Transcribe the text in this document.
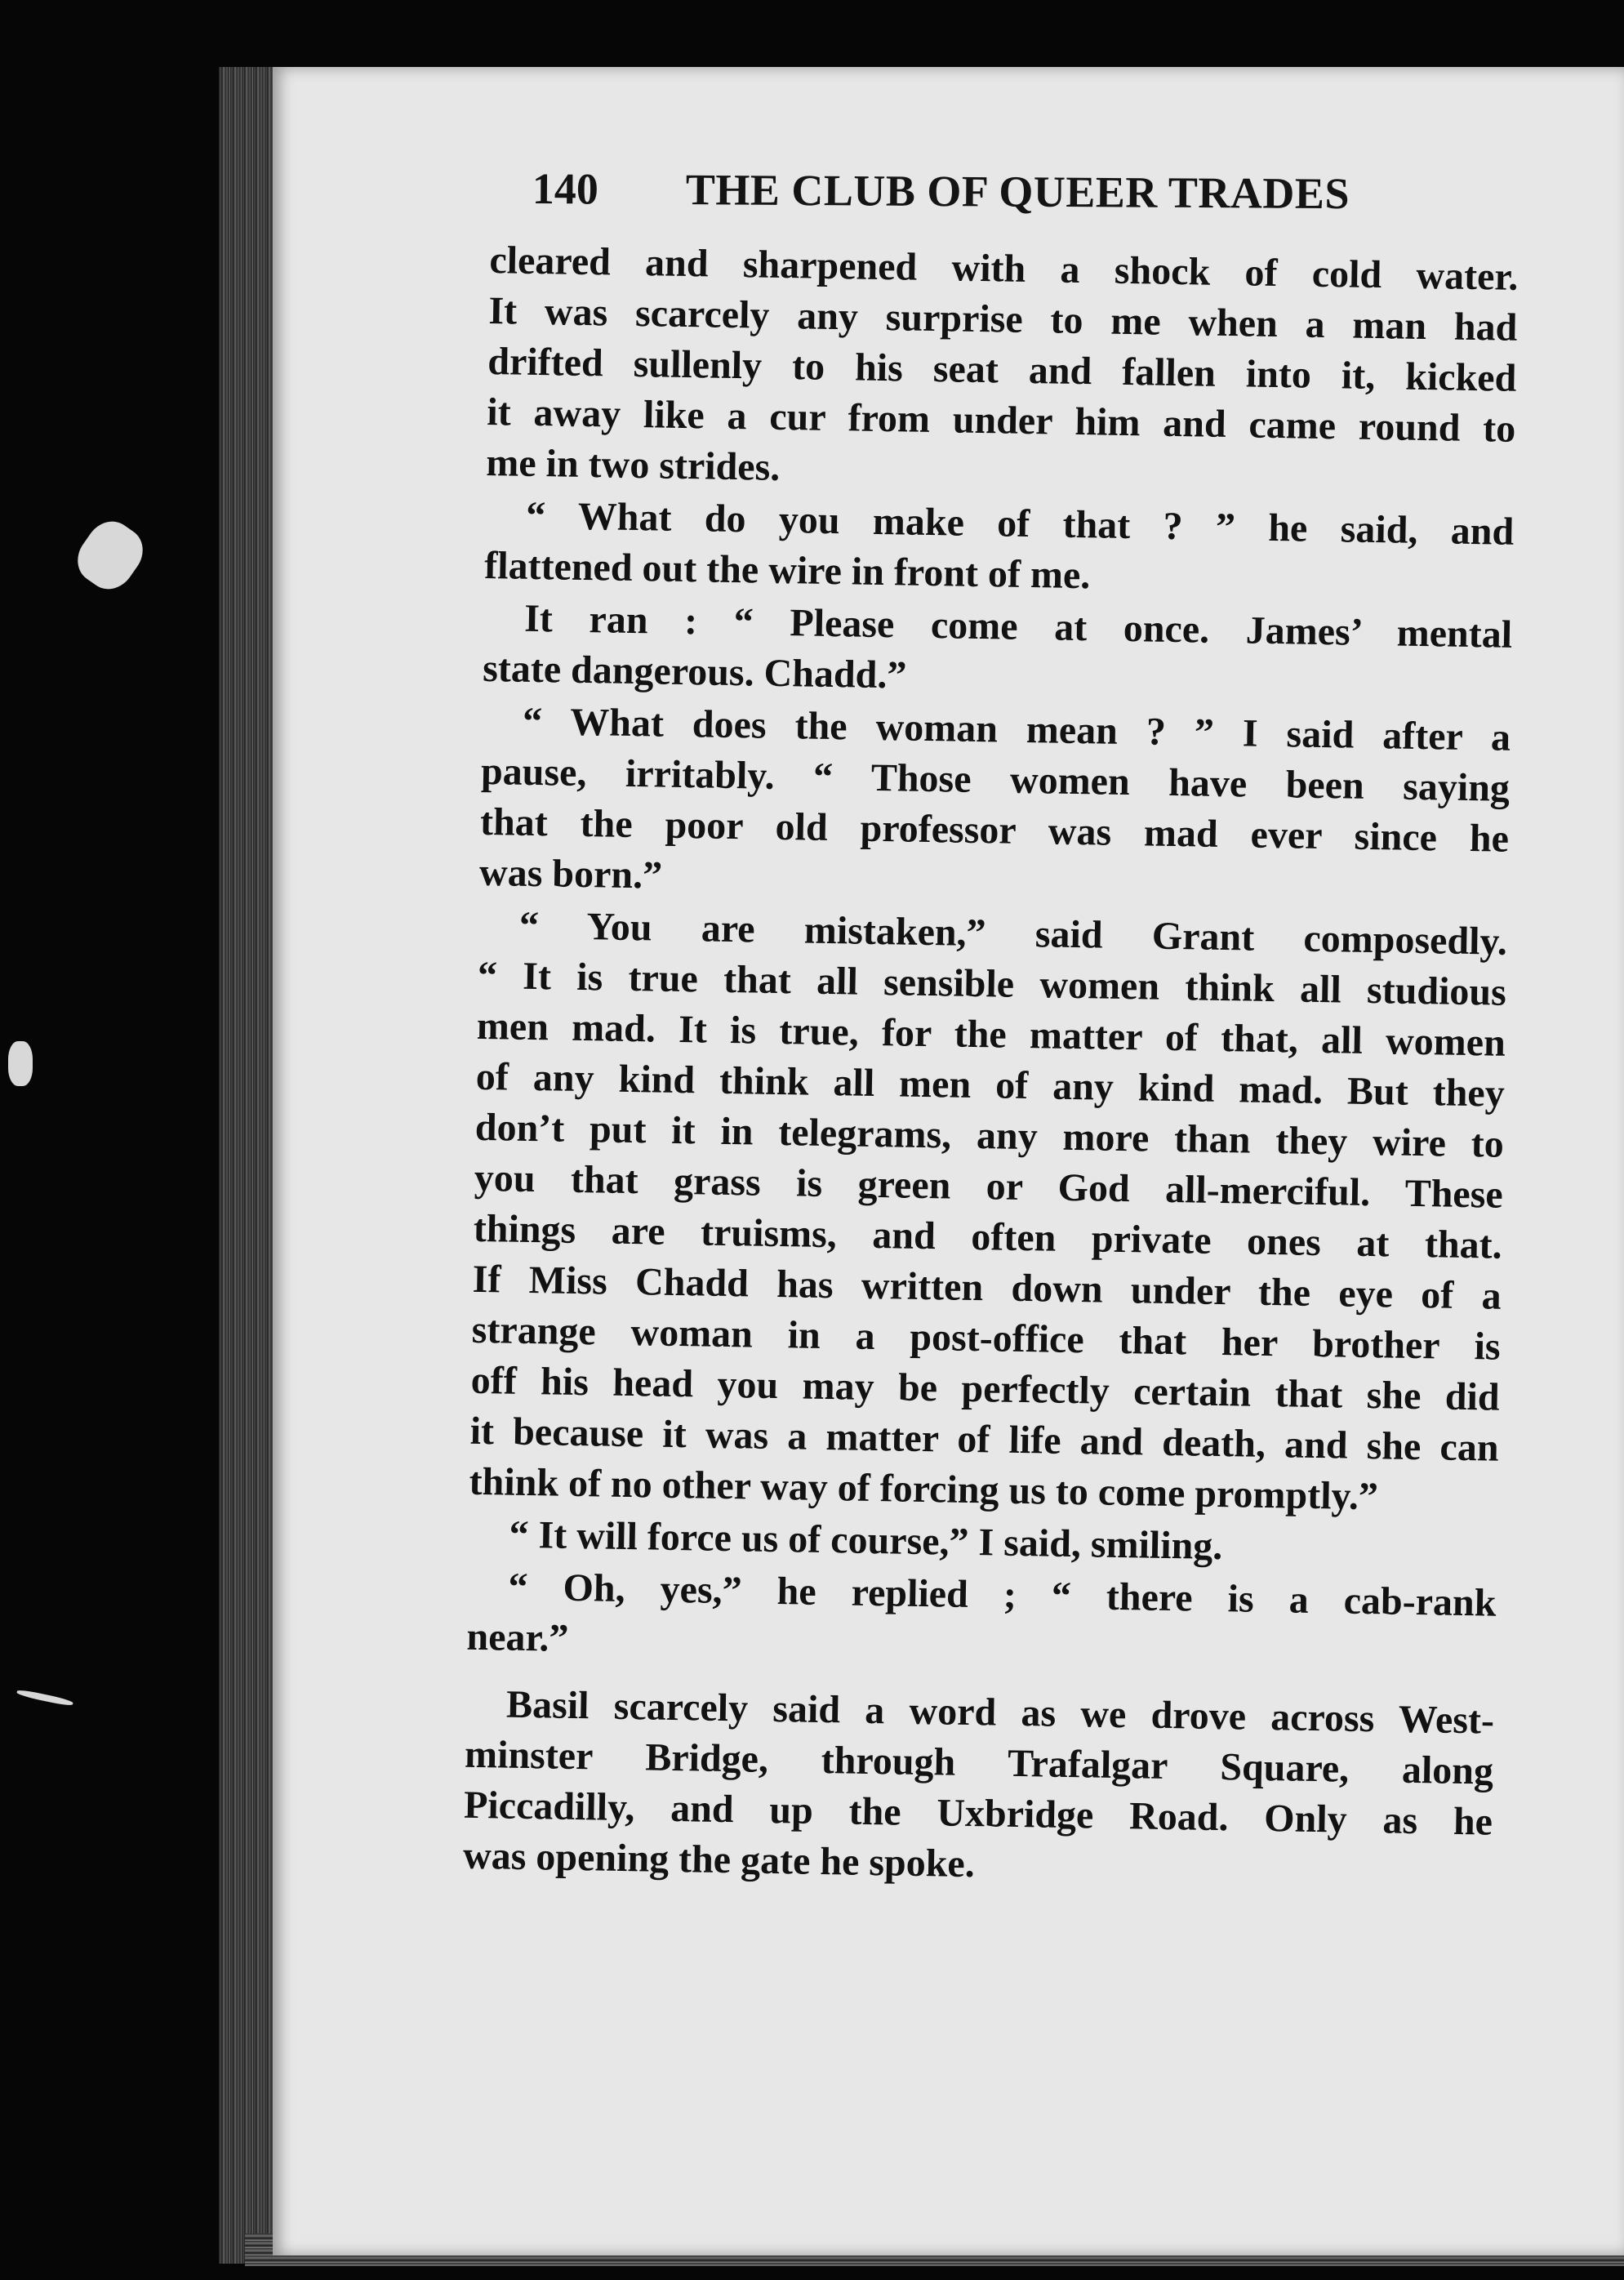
140 THE CLUB OF QUEER TRADES
cleared and sharpened with a shock of cold water.
It was scarcely any surprise to me when a man had
drifted sullenly to his seat and fallen into it, kicked
it away like a cur from under him and came round to
me in two strides.
“ What do you make of that ? ” he said, and
flattened out the wire in front of me.
It ran : “ Please come at once. James’ mental
state dangerous. Chadd.”
“ What does the woman mean ? ” I said after a
pause, irritably. “ Those women have been saying
that the poor old professor was mad ever since he
was born.”
“ You are mistaken,” said Grant composedly.
“ It is true that all sensible women think all studious
men mad. It is true, for the matter of that, all women
of any kind think all men of any kind mad. But they
don’t put it in telegrams, any more than they wire to
you that grass is green or God all-merciful. These
things are truisms, and often private ones at that.
If Miss Chadd has written down under the eye of a
strange woman in a post-office that her brother is
off his head you may be perfectly certain that she did
it because it was a matter of life and death, and she can
think of no other way of forcing us to come promptly.”
“ It will force us of course,” I said, smiling.
“ Oh, yes,” he replied ; “ there is a cab-rank
near.”
Basil scarcely said a word as we drove across West-
minster Bridge, through Trafalgar Square, along
Piccadilly, and up the Uxbridge Road. Only as he
was opening the gate he spoke.
